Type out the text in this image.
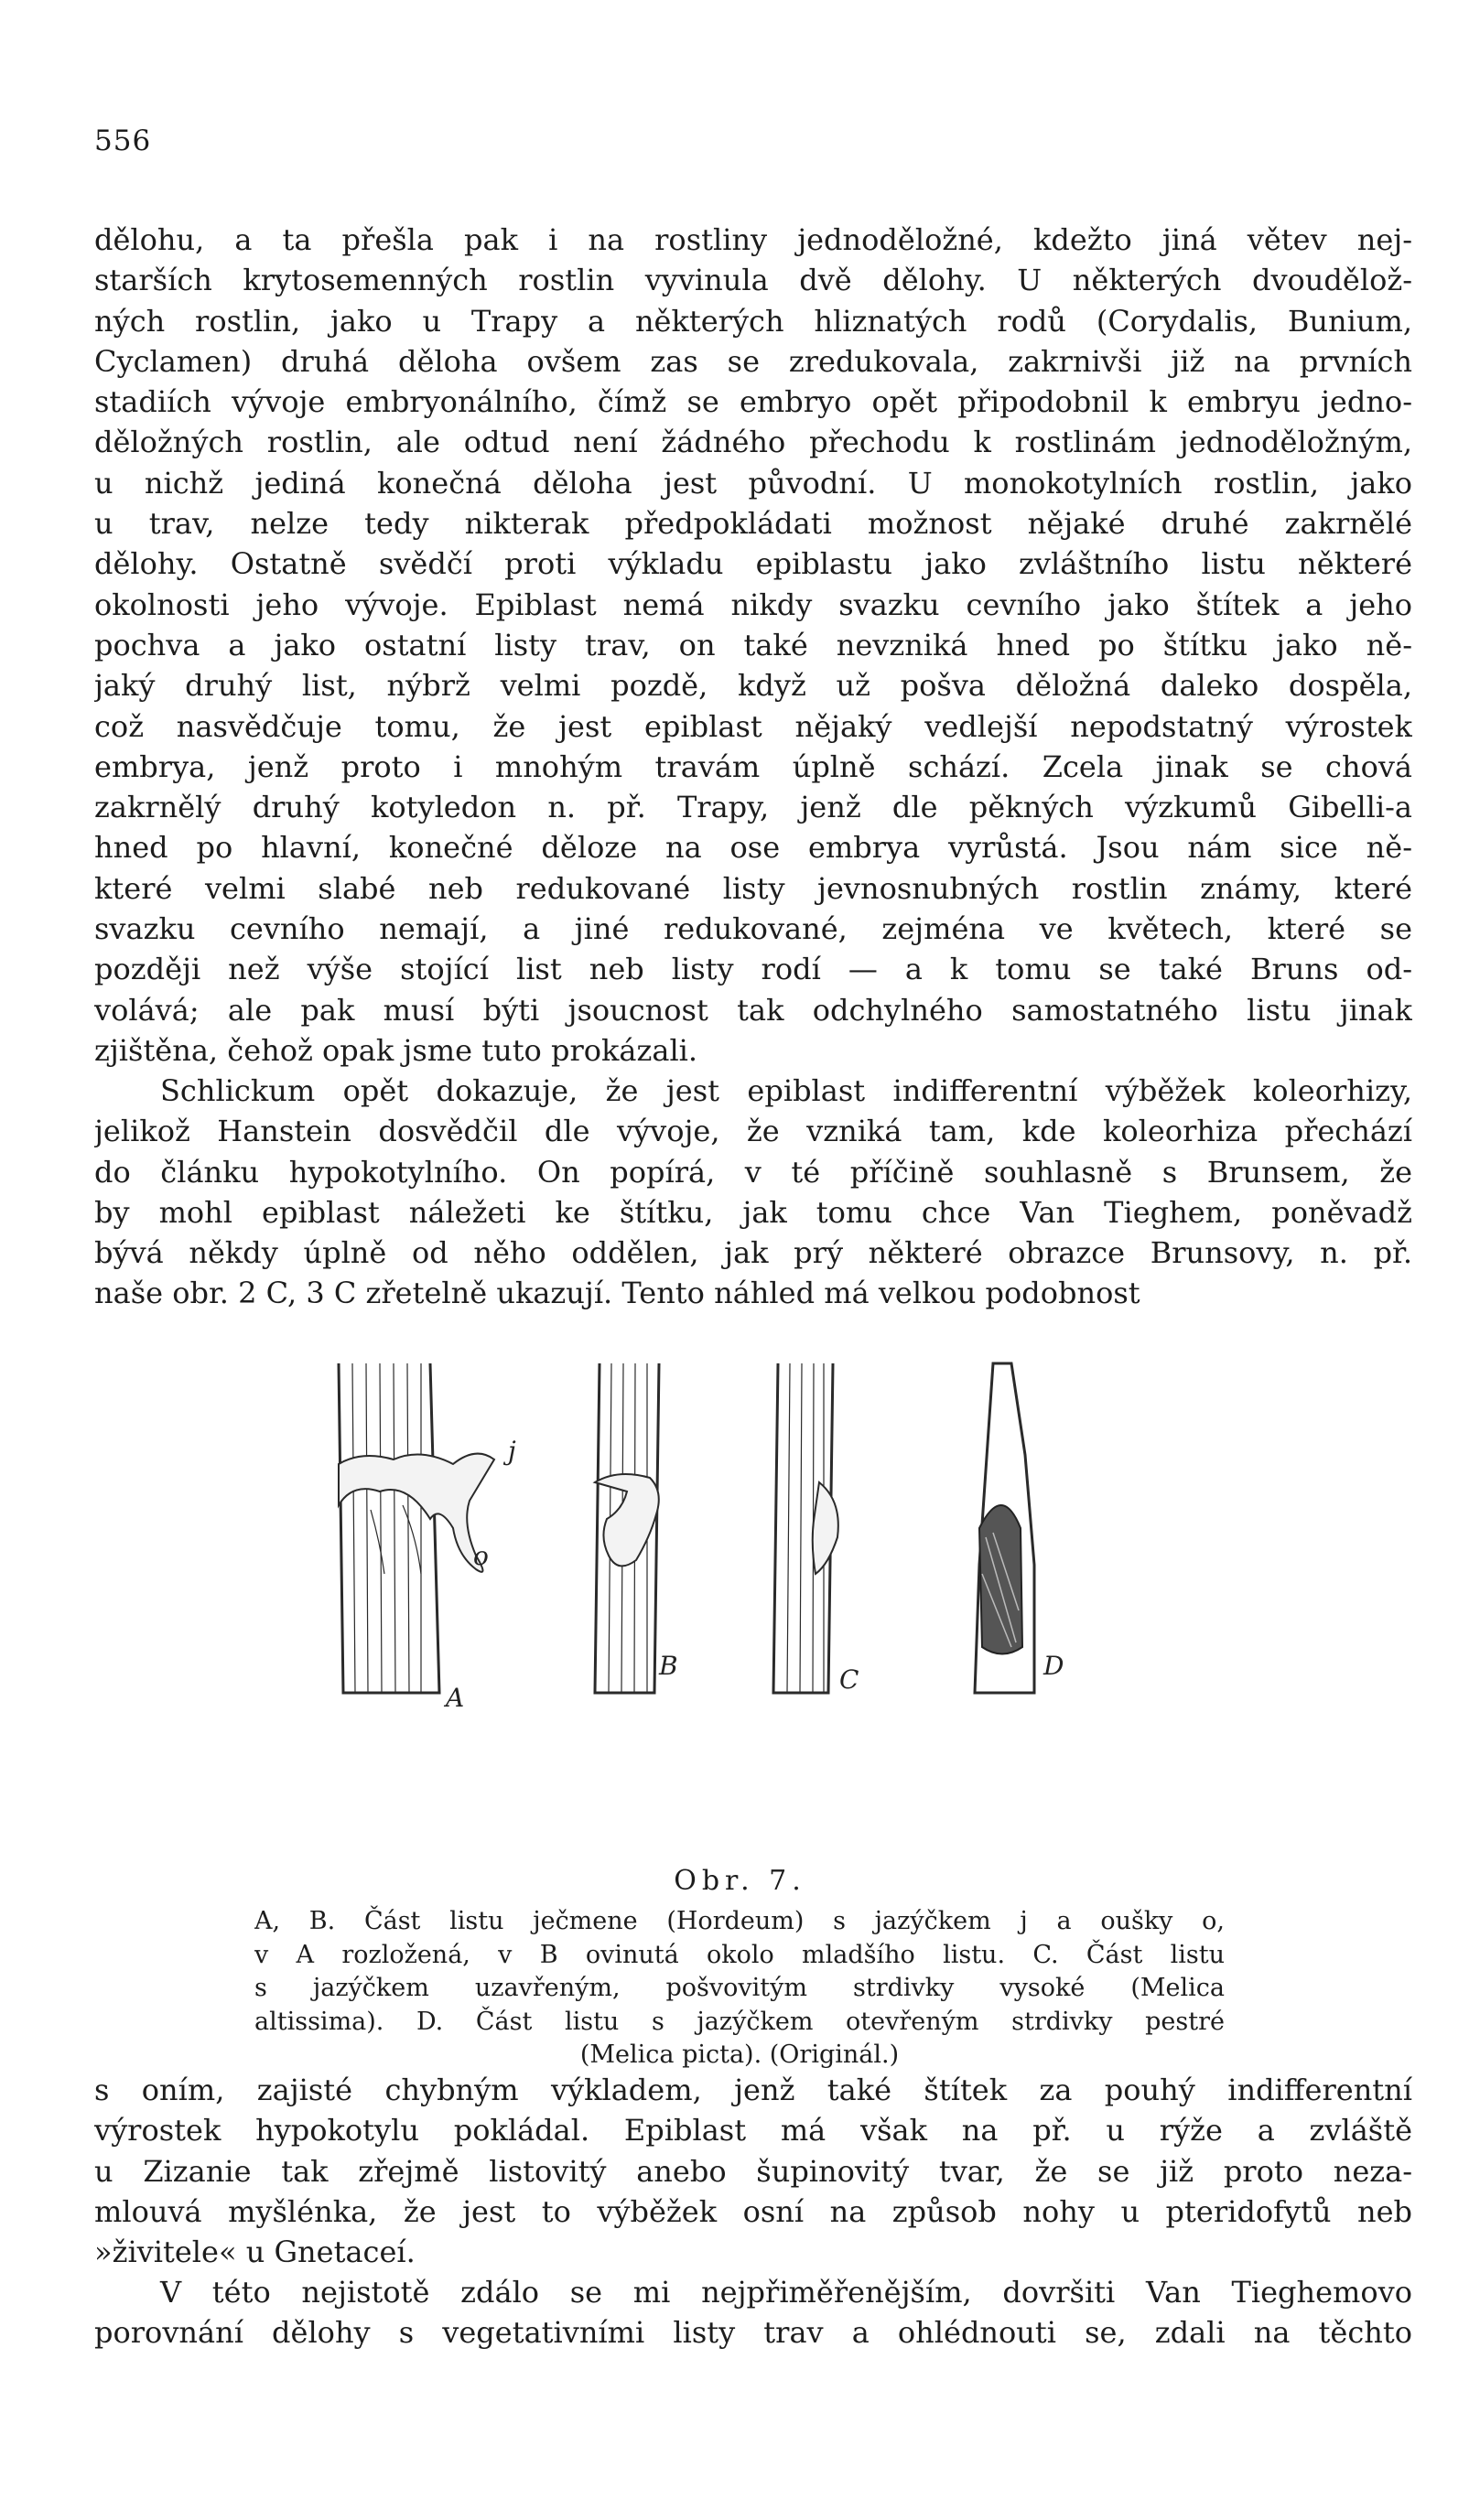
556
dělohu, a ta přešla pak i na rostliny jednoděložné, kdežto jiná větev nej-
starších krytosemenných rostlin vyvinula dvě dělohy. U některých dvoudělož-
ných rostlin, jako u Trapy a některých hliznatých rodů (Corydalis, Bunium,
Cyclamen) druhá děloha ovšem zas se zredukovala, zakrnivši již na prvních
stadiích vývoje embryonálního, čímž se embryo opět připodobnil k embryu jedno-
děložných rostlin, ale odtud není žádného přechodu k rostlinám jednoděložným,
u nichž jediná konečná děloha jest původní. U monokotylních rostlin, jako
u trav, nelze tedy nikterak předpokládati možnost nějaké druhé zakrnělé
dělohy. Ostatně svědčí proti výkladu epiblastu jako zvláštního listu některé
okolnosti jeho vývoje. Epiblast nemá nikdy svazku cevního jako štítek a jeho
pochva a jako ostatní listy trav, on také nevzniká hned po štítku jako ně-
jaký druhý list, nýbrž velmi pozdě, když už pošva děložná daleko dospěla,
což nasvědčuje tomu, že jest epiblast nějaký vedlejší nepodstatný výrostek
embrya, jenž proto i mnohým travám úplně schází. Zcela jinak se chová
zakrnělý druhý kotyledon n. př. Trapy, jenž dle pěkných výzkumů Gibelli-a
hned po hlavní, konečné děloze na ose embrya vyrůstá. Jsou nám sice ně-
které velmi slabé neb redukované listy jevnosnubných rostlin známy, které
svazku cevního nemají, a jiné redukované, zejména ve květech, které se
později než výše stojící list neb listy rodí — a k tomu se také Bruns od-
volává; ale pak musí býti jsoucnost tak odchylného samostatného listu jinak
zjištěna, čehož opak jsme tuto prokázali.
Schlickum opět dokazuje, že jest epiblast indifferentní výběžek koleorhizy,
jelikož Hanstein dosvědčil dle vývoje, že vzniká tam, kde koleorhiza přechází
do článku hypokotylního. On popírá, v té příčině souhlasně s Brunsem, že
by mohl epiblast náležeti ke štítku, jak tomu chce Van Tieghem, poněvadž
bývá někdy úplně od něho oddělen, jak prý některé obrazce Brunsovy, n. př.
naše obr. 2 C, 3 C zřetelně ukazují. Tento náhled má velkou podobnost
j
o
A
B	C	D
Obr. 7.
A, B. Část listu ječmene (Hordeum) s jazýčkem j a oušky o,
v A rozložená, v B ovinutá okolo mladšího listu. C. Část listu
s jazýčkem uzavřeným, pošvovitým strdivky vysoké (Melica
altissima). D. Část listu s jazýčkem otevřeným strdivky pestré
(Melica picta). (Originál.)
s oním, zajisté chybným výkladem, jenž také štítek za pouhý indifferentní
výrostek hypokotylu pokládal. Epiblast má však na př. u rýže a zvláště
u Zizanie tak zřejmě listovitý anebo šupinovitý tvar, že se již proto neza-
mlouvá myšlénka, že jest to výběžek osní na způsob nohy u pteridofytů neb
»živitele« u Gnetaceí.
V této nejistotě zdálo se mi nejpřiměřenějším, dovršiti Van Tieghemovo
porovnání dělohy s vegetativními listy trav a ohlédnouti se, zdali na těchto
